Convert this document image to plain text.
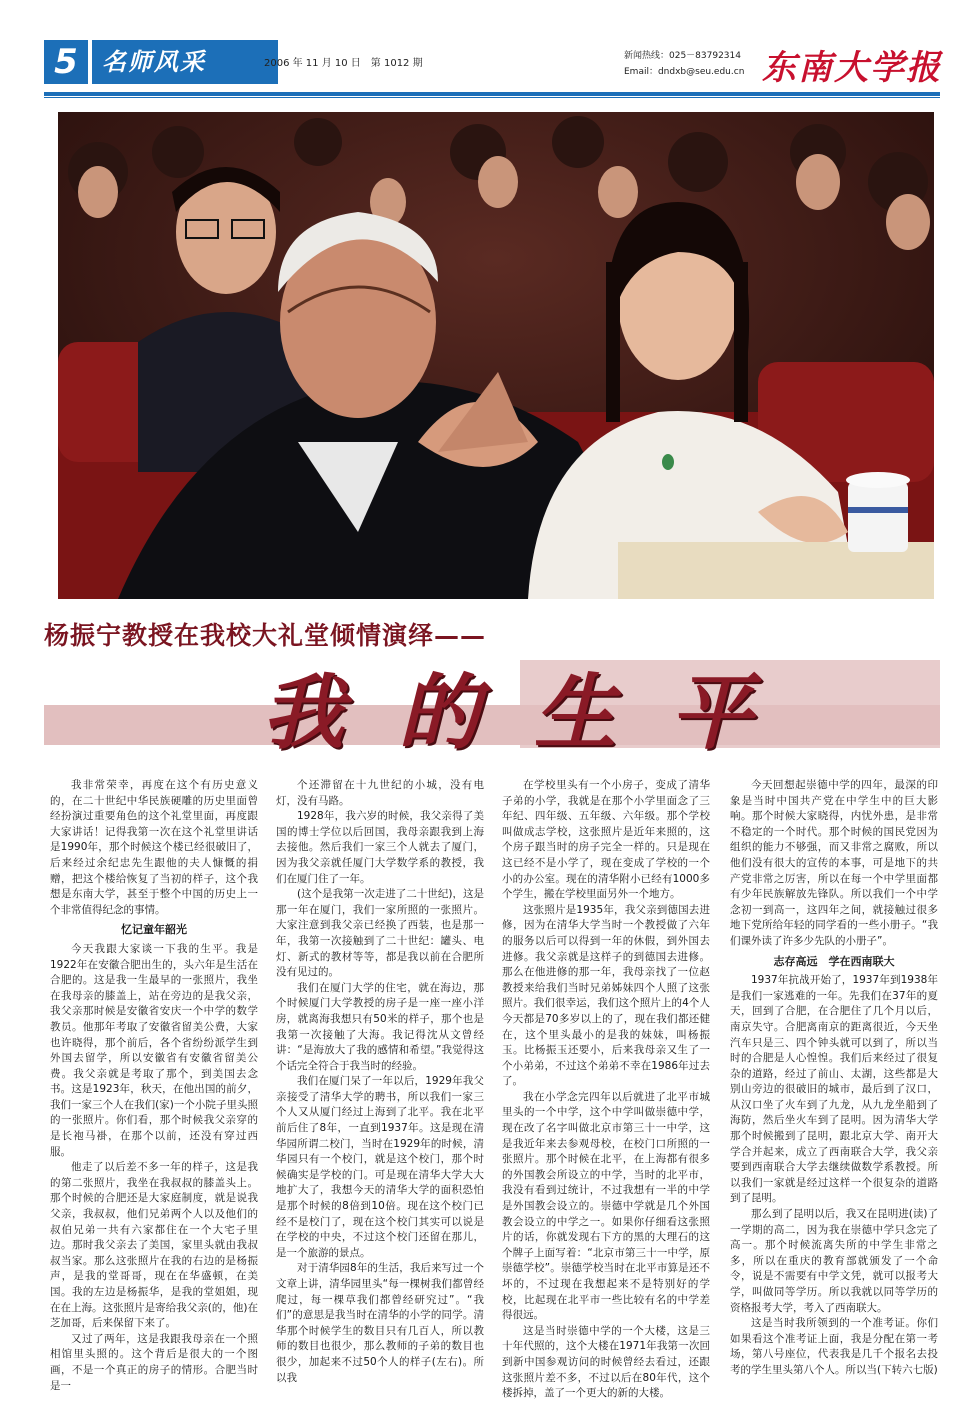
5	名师风采	2006 年 11 月 10 日　第 1012 期
新闻热线：025－83792314
Email：dndxb@seu.edu.cn 东南大学报
杨振宁教授在我校大礼堂倾情演绎——
我的生平

我非常荣幸，再度在这个有历史意义的，在二十世纪中华民族硬雕的历史里面曾经扮演过重要角色的这个礼堂里面，再度跟大家讲话！记得我第一次在这个礼堂里讲话是1990年，那个时候这个楼已经很破旧了，后来经过余纪忠先生跟他的夫人慷慨的捐赠，把这个楼给恢复了当初的样子，这个我想是东南大学，甚至于整个中国的历史上一个非常值得纪念的事情。

忆记童年韶光

今天我跟大家谈一下我的生平。我是1922年在安徽合肥出生的，头六年是生活在合肥的。这是我一生最早的一张照片，我坐在我母亲的膝盖上，站在旁边的是我父亲，我父亲那时候是安徽省安庆一个中学的数学教员。他那年考取了安徽省留美公费，大家也许晓得，那个前后，各个省纷纷派学生到外国去留学，所以安徽省有安徽省留美公费。我父亲就是考取了那个，到美国去念书。这是1923年，秋天，在他出国的前夕，我们一家三个人在我们(家)一个小院子里头照的一张照片。你们看，那个时候我父亲穿的是长袍马褂，在那个以前，还没有穿过西服。

他走了以后差不多一年的样子，这是我的第二张照片，我坐在我叔叔的膝盖头上。那个时候的合肥还是大家庭制度，就是说我父亲，我叔叔，他们兄弟两个人以及他们的叔伯兄弟一共有六家都住在一个大宅子里边。那时我父亲去了美国，家里头就由我叔叔当家。那么这张照片在我的右边的是杨振声，是我的堂哥哥，现在在华盛顿，在美国。我的左边是杨振华，是我的堂姐姐，现在在上海。这张照片是寄给我父亲(的，他)在芝加哥，后来保留下来了。

又过了两年，这是我跟我母亲在一个照相馆里头照的。这个背后是很大的一个图画，不是一个真正的房子的情形。合肥当时是一

个还滞留在十九世纪的小城，没有电灯，没有马路。

1928年，我六岁的时候，我父亲得了美国的博士学位以后回国，我母亲跟我到上海去接他。然后我们一家三个人就去了厦门，因为我父亲就任厦门大学数学系的教授，我们在厦门住了一年。

(这个是我第一次走进了二十世纪)，这是那一年在厦门，我们一家所照的一张照片。大家注意到我父亲已经换了西装，也是那一年，我第一次接触到了二十世纪：罐头、电灯、新式的教材等等，都是我以前在合肥所没有见过的。

我们在厦门大学的住宅，就在海边，那个时候厦门大学教授的房子是一座一座小洋房，就离海我想只有50米的样子，那个也是我第一次接触了大海。我记得沈从文曾经讲：“是海放大了我的感情和希望。”我觉得这个话完全符合于我当时的经验。

我们在厦门呆了一年以后，1929年我父亲接受了清华大学的聘书，所以我们一家三个人又从厦门经过上海到了北平。我在北平前后住了8年，一直到1937年。这是现在清华园所谓二校门，当时在1929年的时候，清华园只有一个校门，就是这个校门，那个时候确实是学校的门。可是现在清华大学大大地扩大了，我想今天的清华大学的面积恐怕是那个时候的8倍到10倍。现在这个校门已经不是校门了，现在这个校门其实可以说是在学校的中央，不过这个校门还留在那儿，是一个旅游的景点。

对于清华园8年的生活，我后来写过一个文章上讲，清华园里头“每一棵树我们都曾经爬过，每一棵草我们都曾经研究过”。“我们”的意思是我当时在清华的小学的同学。清华那个时候学生的数目只有几百人，所以教师的数目也很少，那么教师的子弟的数目也很少，加起来不过50个人的样子(左右)。所以我

在学校里头有一个小房子，变成了清华子弟的小学，我就是在那个小学里面念了三年纪、四年级、五年级、六年级。那个学校叫做成志学校，这张照片是近年来照的，这个房子跟当时的房子完全一样的。只是现在这已经不是小学了，现在变成了学校的一个小的办公室。现在的清华附小已经有1000多个学生，搬在学校里面另外一个地方。

这张照片是1935年，我父亲到德国去进修，因为在清华大学当时一个教授做了六年的服务以后可以得到一年的休假，到外国去进修。我父亲就是这样子的到德国去进修。那么在他进修的那一年，我母亲找了一位赵教授来给我们当时兄弟姊妹四个人照了这张照片。我们很幸运，我们这个照片上的4个人今天都是70多岁以上的了，现在我们都还健在，这个里头最小的是我的妹妹，叫杨振玉。比杨振玉还要小，后来我母亲又生了一个小弟弟，不过这个弟弟不幸在1986年过去了。

我在小学念完四年以后就进了北平市城里头的一个中学，这个中学叫做崇德中学，现在改了名字叫做北京市第三十一中学，这是我近年来去参观母校，在校门口所照的一张照片。那个时候在北平，在上海都有很多的外国教会所设立的中学，当时的北平市，我没有看到过统计，不过我想有一半的中学是外国教会设立的。崇德中学就是几个外国教会设立的中学之一。如果你仔细看这张照片的话，你就发现右下方的黑的大理石的这个牌子上面写着：“北京市第三十一中学，原崇德学校”。崇德学校当时在北平市算是还不坏的，不过现在我想起来不是特别好的学校，比起现在北平市一些比较有名的中学差得很远。

这是当时崇德中学的一个大楼，这是三十年代照的，这个大楼在1971年我第一次回到新中国参观访问的时候曾经去看过，还跟这张照片差不多，不过以后在80年代，这个楼拆掉，盖了一个更大的新的大楼。

今天回想起崇德中学的四年，最深的印象是当时中国共产党在中学生中的巨大影响。那个时候大家晓得，内忧外患，是非常不稳定的一个时代。那个时候的国民党因为组织的能力不够强，而又非常之腐败，所以他们没有很大的宣传的本事，可是地下的共产党非常之厉害，所以在每一个中学里面都有少年民族解放先锋队。所以我们一个中学念初一到高一，这四年之间，就接触过很多地下党所给年轻的同学看的一些小册子。“我们课外读了许多少先队的小册子”。

志存高远　学在西南联大

1937年抗战开始了，1937年到1938年是我们一家逃难的一年。先我们在37年的夏天，回到了合肥，在合肥住了几个月以后，南京失守。合肥离南京的距离很近，今天坐汽车只是三、四个钟头就可以到了，所以当时的合肥是人心惶惶。我们后来经过了很复杂的道路，经过了前山、太湖，这些都是大别山旁边的很破旧的城市，最后到了汉口，从汉口坐了火车到了九龙，从九龙坐船到了海防，然后坐火车到了昆明。因为清华大学那个时候搬到了昆明，跟北京大学、南开大学合并起来，成立了西南联合大学，我父亲要到西南联合大学去继续做数学系教授。所以我们一家就是经过这样一个很复杂的道路到了昆明。

那么到了昆明以后，我又在昆明进(读)了一学期的高二，因为我在崇德中学只念完了高一。那个时候流离失所的中学生非常之多，所以在重庆的教育部就颁发了一个命令，说是不需要有中学文凭，就可以报考大学，叫做同等学历。所以我就以同等学历的资格报考大学，考入了西南联大。

这是当时我所领到的一个准考证。你们如果看这个准考证上面，我是分配在第一考场，第八号座位，代表我是几千个报名去投考的学生里头第八个人。所以当(下转六七版)
